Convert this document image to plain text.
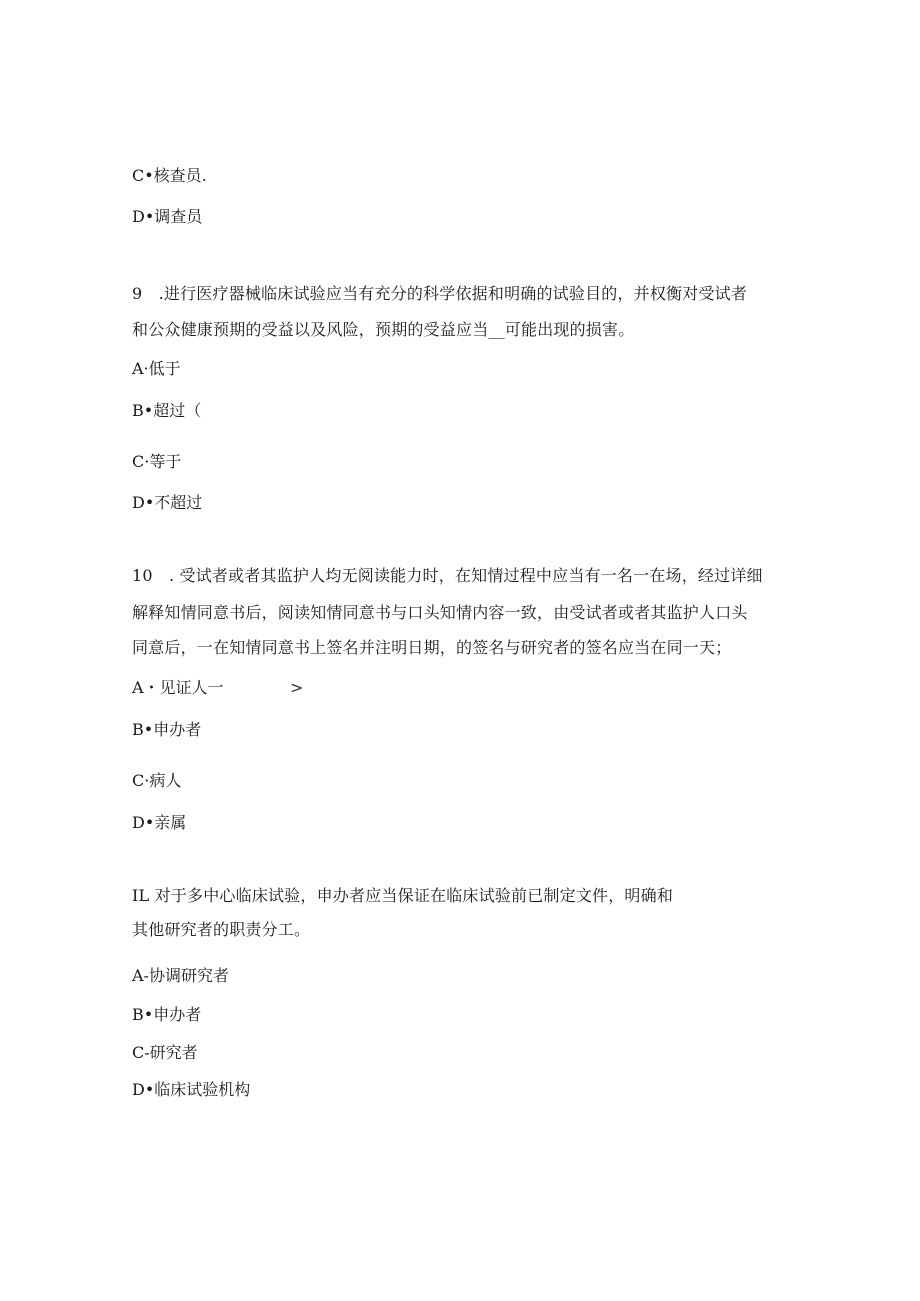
C•核查员.
D•调查员
9　.进行医疗器械临床试验应当有充分的科学依据和明确的试验目的，并权衡对受试者
和公众健康预期的受益以及风险，预期的受益应当__可能出现的损害。
A·低于
B•超过（
C·等于
D•不超过
10　. 受试者或者其监护人均无阅读能力时，在知情过程中应当有一名一在场，经过详细
解释知情同意书后，阅读知情同意书与口头知情内容一致，由受试者或者其监护人口头
同意后，一在知情同意书上签名并注明日期，的签名与研究者的签名应当在同一天；
A・见证人一	>
B•申办者
C·病人
D•亲属
IL 对于多中心临床试验，申办者应当保证在临床试验前已制定文件，明确和
其他研究者的职责分工。
A-协调研究者
B•申办者
C-研究者
D•临床试验机构
